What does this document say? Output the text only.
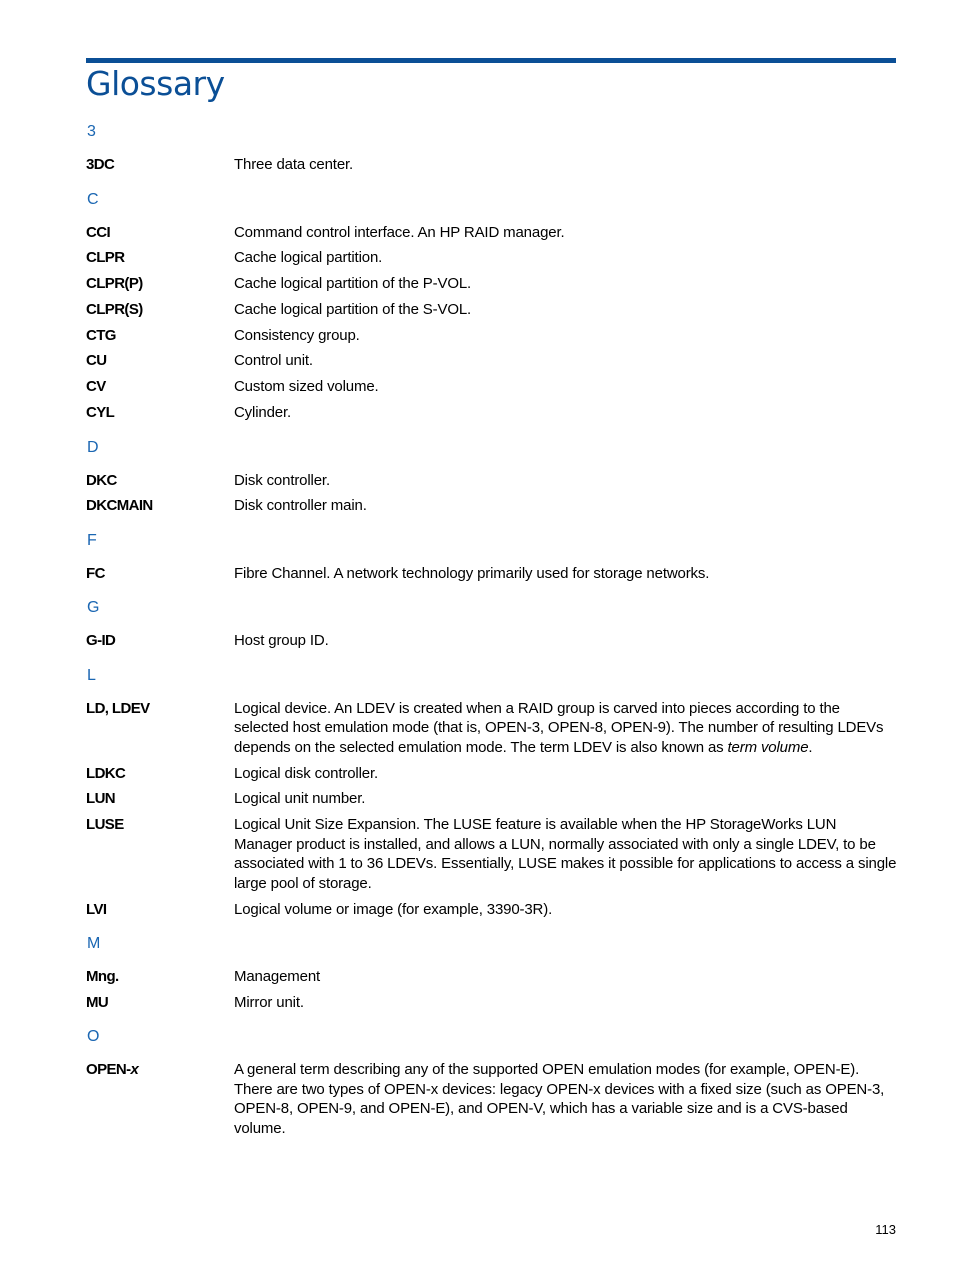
Glossary
3
3DC	Three data center.
C
CCI	Command control interface. An HP RAID manager.
CLPR	Cache logical partition.
CLPR(P)	Cache logical partition of the P-VOL.
CLPR(S)	Cache logical partition of the S-VOL.
CTG	Consistency group.
CU	Control unit.
CV	Custom sized volume.
CYL	Cylinder.
D
DKC	Disk controller.
DKCMAIN	Disk controller main.
F
FC	Fibre Channel. A network technology primarily used for storage networks.
G
G-ID	Host group ID.
L
LD, LDEV	Logical device. An LDEV is created when a RAID group is carved into pieces according to the selected host emulation mode (that is, OPEN-3, OPEN-8, OPEN-9). The number of resulting LDEVs depends on the selected emulation mode. The term LDEV is also known as term volume.
LDKC	Logical disk controller.
LUN	Logical unit number.
LUSE	Logical Unit Size Expansion. The LUSE feature is available when the HP StorageWorks LUN Manager product is installed, and allows a LUN, normally associated with only a single LDEV, to be associated with 1 to 36 LDEVs. Essentially, LUSE makes it possible for applications to access a single large pool of storage.
LVI	Logical volume or image (for example, 3390-3R).
M
Mng.	Management
MU	Mirror unit.
O
OPEN-x	A general term describing any of the supported OPEN emulation modes (for example, OPEN-E). There are two types of OPEN-x devices: legacy OPEN-x devices with a fixed size (such as OPEN-3, OPEN-8, OPEN-9, and OPEN-E), and OPEN-V, which has a variable size and is a CVS-based volume.
113
